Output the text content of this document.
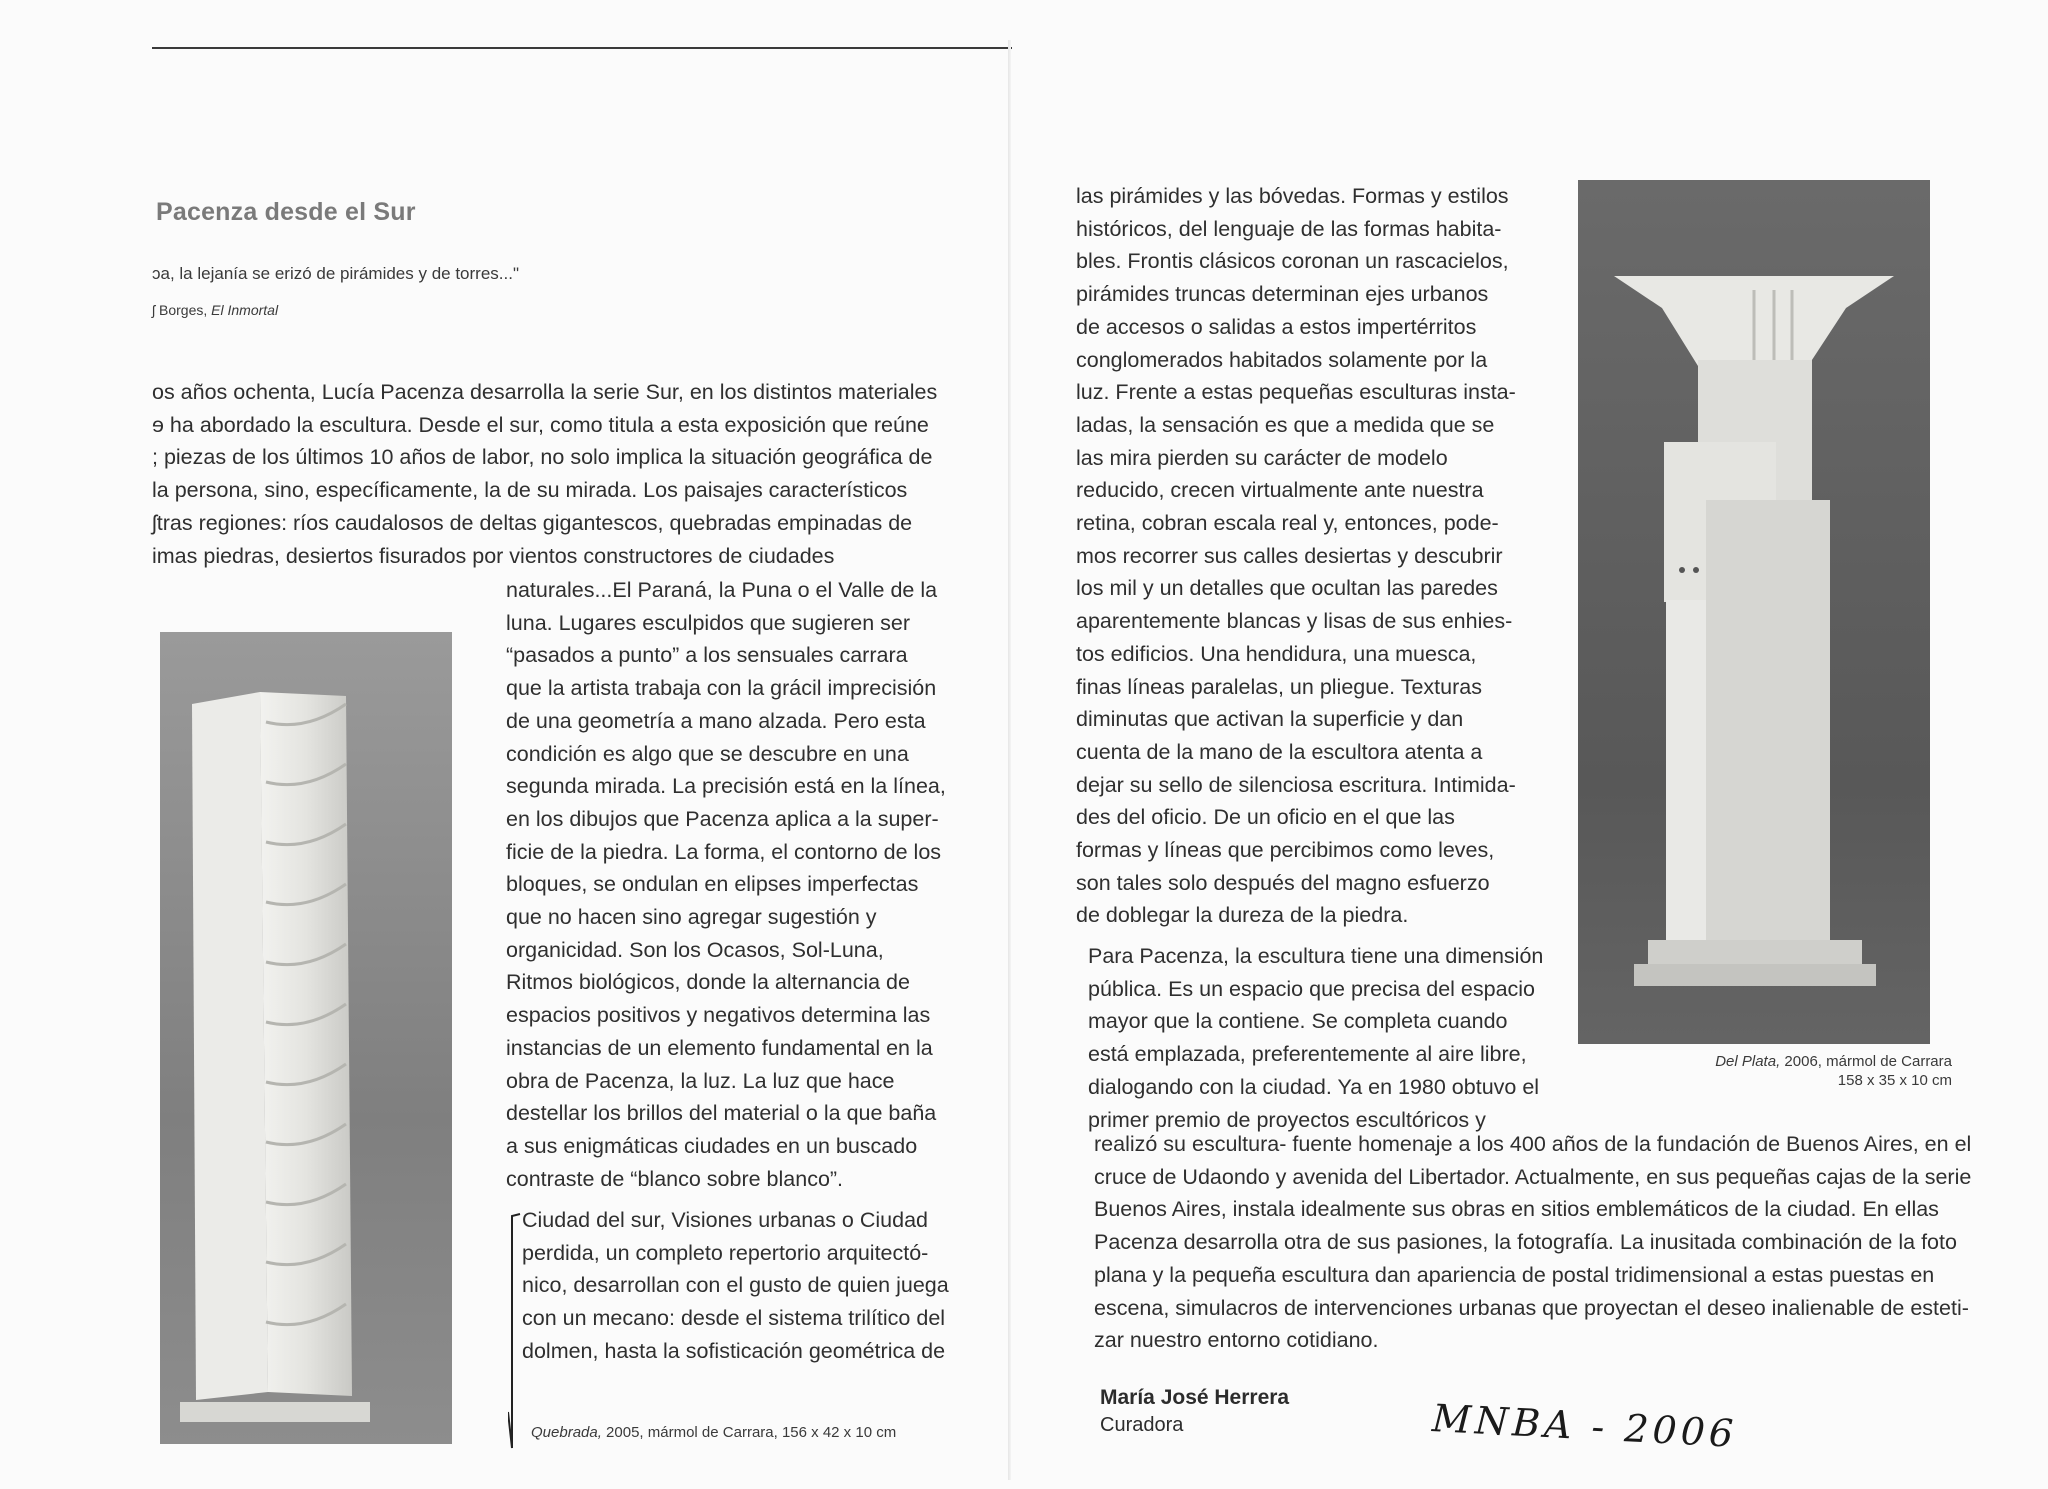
Pacenza desde el Sur
ɔa, la lejanía se erizó de pirámides y de torres..."
ʃ Borges, El Inmortal
os años ochenta, Lucía Pacenza desarrolla la serie Sur, en los distintos materiales
ɘ ha abordado la escultura. Desde el sur, como titula a esta exposición que reúne
; piezas de los últimos 10 años de labor, no solo implica la situación geográfica de
la persona, sino, específicamente, la de su mirada. Los paisajes característicos
ʃtras regiones: ríos caudalosos de deltas gigantescos, quebradas empinadas de
imas piedras, desiertos fisurados por vientos constructores de ciudades
naturales...El Paraná, la Puna o el Valle de la
luna. Lugares esculpidos que sugieren ser
“pasados a punto” a los sensuales carrara
que la artista trabaja con la grácil imprecisión
de una geometría a mano alzada. Pero esta
condición es algo que se descubre en una
segunda mirada. La precisión está en la línea,
en los dibujos que Pacenza aplica a la super-
ficie de la piedra. La forma, el contorno de los
bloques, se ondulan en elipses imperfectas
que no hacen sino agregar sugestión y
organicidad. Son los Ocasos, Sol-Luna,
Ritmos biológicos, donde la alternancia de
espacios positivos y negativos determina las
instancias de un elemento fundamental en la
obra de Pacenza, la luz. La luz que hace
destellar los brillos del material o la que baña
a sus enigmáticas ciudades en un buscado
contraste de “blanco sobre blanco”.
Ciudad del sur, Visiones urbanas o Ciudad
perdida, un completo repertorio arquitectó-
nico, desarrollan con el gusto de quien juega
con un mecano: desde el sistema trilítico del
dolmen, hasta la sofisticación geométrica de
Quebrada, 2005, mármol de Carrara, 156 x 42 x 10 cm
las pirámides y las bóvedas. Formas y estilos
históricos, del lenguaje de las formas habita-
bles. Frontis clásicos coronan un rascacielos,
pirámides truncas determinan ejes urbanos
de accesos o salidas a estos impertérritos
conglomerados habitados solamente por la
luz. Frente a estas pequeñas esculturas insta-
ladas, la sensación es que a medida que se
las mira pierden su carácter de modelo
reducido, crecen virtualmente ante nuestra
retina, cobran escala real y, entonces, pode-
mos recorrer sus calles desiertas y descubrir
los mil y un detalles que ocultan las paredes
aparentemente blancas y lisas de sus enhies-
tos edificios. Una hendidura, una muesca,
finas líneas paralelas, un pliegue. Texturas
diminutas que activan la superficie y dan
cuenta de la mano de la escultora atenta a
dejar su sello de silenciosa escritura. Intimida-
des del oficio. De un oficio en el que las
formas y líneas que percibimos como leves,
son tales solo después del magno esfuerzo
de doblegar la dureza de la piedra.
Del Plata, 2006, mármol de Carrara
158 x 35 x 10 cm
Para Pacenza, la escultura tiene una dimensión
pública. Es un espacio que precisa del espacio
mayor que la contiene. Se completa cuando
está emplazada, preferentemente al aire libre,
dialogando con la ciudad. Ya en 1980 obtuvo el
primer premio de proyectos escultóricos y
realizó su escultura- fuente homenaje a los 400 años de la fundación de Buenos Aires, en el
cruce de Udaondo y avenida del Libertador. Actualmente, en sus pequeñas cajas de la serie
Buenos Aires, instala idealmente sus obras en sitios emblemáticos de la ciudad. En ellas
Pacenza desarrolla otra de sus pasiones, la fotografía. La inusitada combinación de la foto
plana y la pequeña escultura dan apariencia de postal tridimensional a estas puestas en
escena, simulacros de intervenciones urbanas que proyectan el deseo inalienable de esteti-
zar nuestro entorno cotidiano.
María José Herrera
Curadora	MNBA - 2006
